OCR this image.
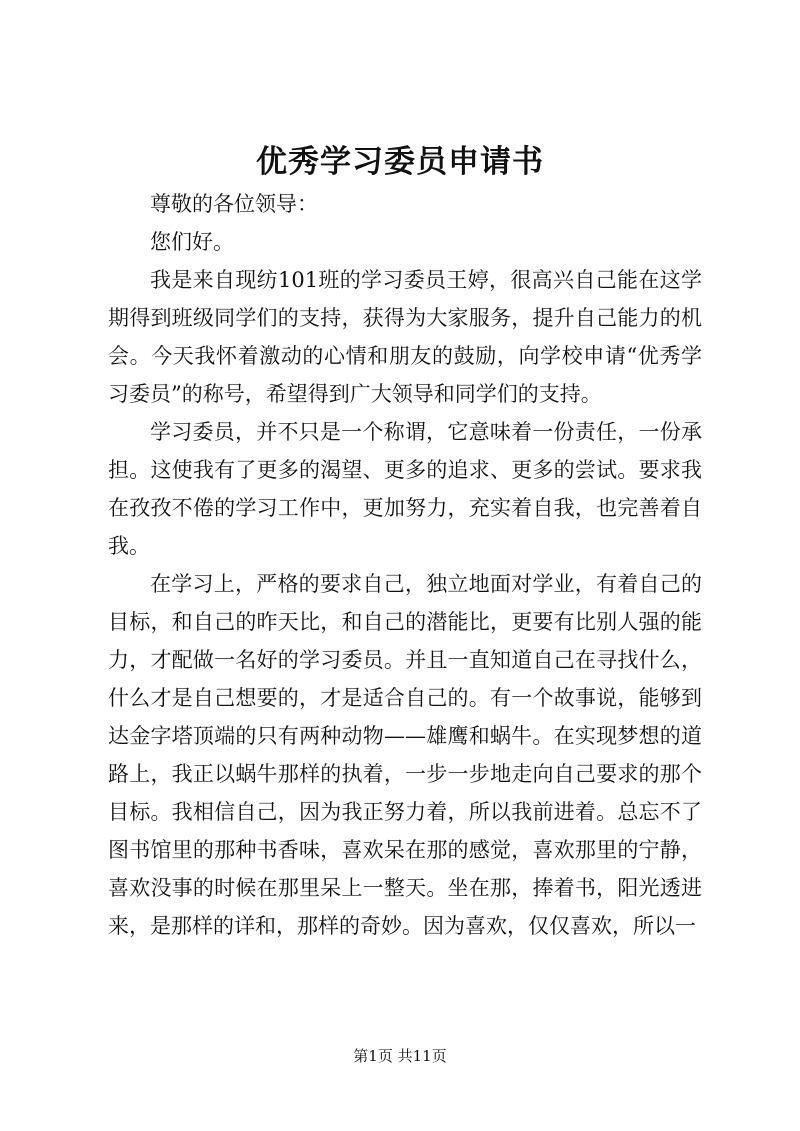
优秀学习委员申请书

尊敬的各位领导：

您们好。

我是来自现纺101班的学习委员王婷，很高兴自己能在这学期得到班级同学们的支持，获得为大家服务，提升自己能力的机会。今天我怀着激动的心情和朋友的鼓励，向学校申请“优秀学习委员”的称号，希望得到广大领导和同学们的支持。

学习委员，并不只是一个称谓，它意味着一份责任，一份承担。这使我有了更多的渴望、更多的追求、更多的尝试。要求我在孜孜不倦的学习工作中，更加努力，充实着自我，也完善着自我。

在学习上，严格的要求自己，独立地面对学业，有着自己的目标，和自己的昨天比，和自己的潜能比，更要有比别人强的能力，才配做一名好的学习委员。并且一直知道自己在寻找什么，什么才是自己想要的，才是适合自己的。有一个故事说，能够到达金字塔顶端的只有两种动物——雄鹰和蜗牛。在实现梦想的道路上，我正以蜗牛那样的执着，一步一步地走向自己要求的那个目标。我相信自己，因为我正努力着，所以我前进着。总忘不了图书馆里的那种书香味，喜欢呆在那的感觉，喜欢那里的宁静，喜欢没事的时候在那里呆上一整天。坐在那，捧着书，阳光透进来，是那样的详和，那样的奇妙。因为喜欢，仅仅喜欢，所以一

第1页 共11页
